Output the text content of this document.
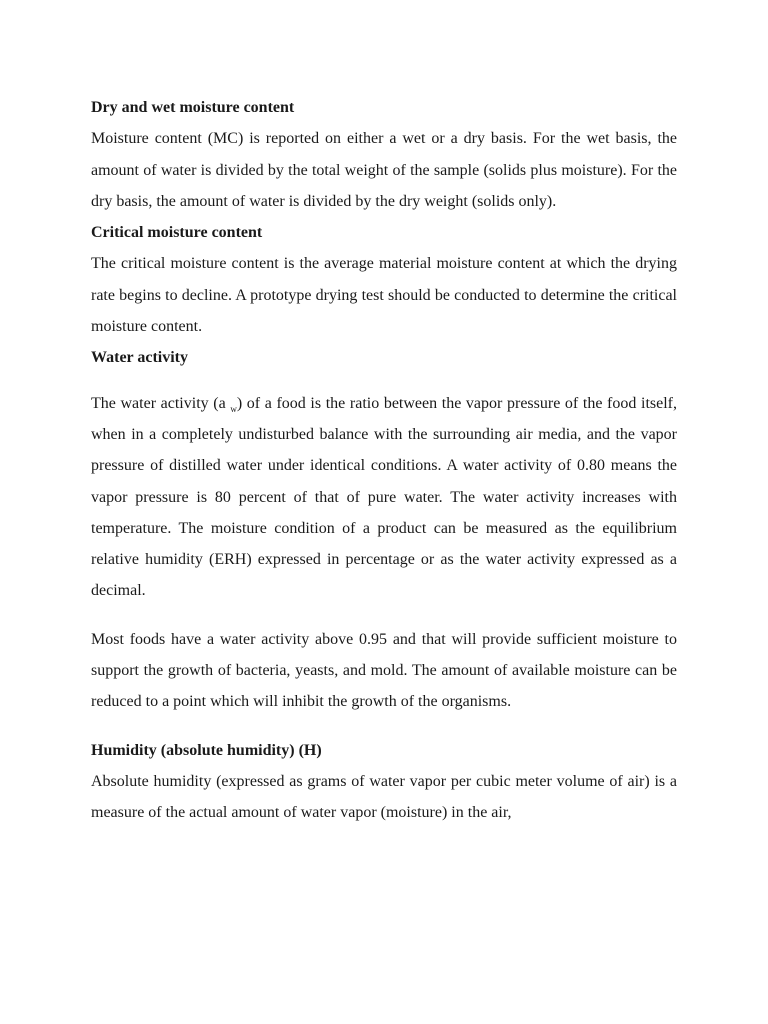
Dry and wet moisture content

Moisture content (MC) is reported on either a wet or a dry basis. For the wet basis, the amount of water is divided by the total weight of the sample (solids plus moisture). For the dry basis, the amount of water is divided by the dry weight (solids only).

Critical moisture content

The critical moisture content is the average material moisture content at which the drying rate begins to decline. A prototype drying test should be conducted to determine the critical moisture content.

Water activity

The water activity (a $_w$) of a food is the ratio between the vapor pressure of the food itself, when in a completely undisturbed balance with the surrounding air media, and the vapor pressure of distilled water under identical conditions. A water activity of 0.80 means the vapor pressure is 80 percent of that of pure water. The water activity increases with temperature. The moisture condition of a product can be measured as the equilibrium relative humidity (ERH) expressed in percentage or as the water activity expressed as a decimal.

Most foods have a water activity above 0.95 and that will provide sufficient moisture to support the growth of bacteria, yeasts, and mold. The amount of available moisture can be reduced to a point which will inhibit the growth of the organisms.

Humidity (absolute humidity) (H)

Absolute humidity (expressed as grams of water vapor per cubic meter volume of air) is a measure of the actual amount of water vapor (moisture) in the air,
